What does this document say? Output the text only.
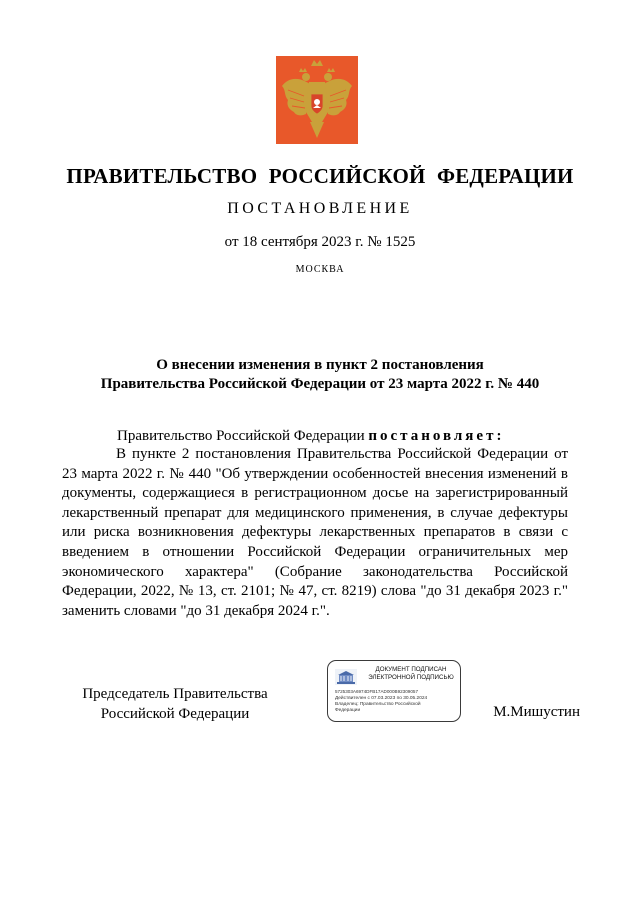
ПРАВИТЕЛЬСТВО РОССИЙСКОЙ ФЕДЕРАЦИИ
ПОСТАНОВЛЕНИЕ
от 18 сентября 2023 г. № 1525
МОСКВА
О внесении изменения в пункт 2 постановления
Правительства Российской Федерации от 23 марта 2022 г. № 440
Правительство Российской Федерации постановляет:
В пункте 2 постановления Правительства Российской Федерации от 23 марта 2022 г. № 440 "Об утверждении особенностей внесения изменений в документы, содержащиеся в регистрационном досье на зарегистрированный лекарственный препарат для медицинского применения, в случае дефектуры или риска возникновения дефектуры лекарственных препаратов в связи с введением в отношении Российской Федерации ограничительных мер экономического характера" (Собрание законодательства Российской Федерации, 2022, № 13, ст. 2101; № 47, ст. 8219) слова "до 31 декабря 2023 г." заменить словами "до 31 декабря 2024 г.".
Председатель Правительства
Российской Федерации
ДОКУМЕНТ ПОДПИСАН
ЭЛЕКТРОННОЙ ПОДПИСЬЮ
5725303A6974DFB17AD000B92309057
Действителен с 07.03.2023 по 30.05.2024
Владелец: Правительство Российской
Федерации	М.Мишустин
